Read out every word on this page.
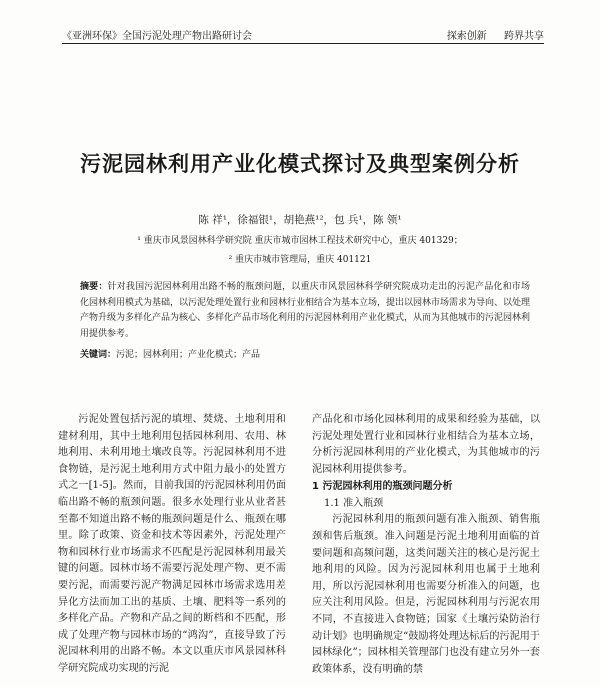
《亚洲环保》全国污泥处理产物出路研讨会	探索创新 跨界共享
污泥园林利用产业化模式探讨及典型案例分析
陈 祥¹，徐福银¹，胡艳燕¹²，包 兵¹，陈 领¹
¹ 重庆市风景园林科学研究院 重庆市城市园林工程技术研究中心，重庆 401329；
² 重庆市城市管理局，重庆 401121
摘要：针对我国污泥园林利用出路不畅的瓶颈问题，以重庆市风景园林科学研究院成功走出的污泥产品化和市场化园林利用模式为基础，以污泥处理处置行业和园林行业相结合为基本立场，提出以园林市场需求为导向、以处理产物升级为多样化产品为核心、多样化产品市场化利用的污泥园林利用产业化模式，从而为其他城市的污泥园林利用提供参考。
关键词：污泥；园林利用；产业化模式；产品

污泥处置包括污泥的填埋、焚烧、土地利用和建材利用，其中土地利用包括园林利用、农用、林地利用、未利用地土壤改良等。污泥园林利用不进食物链，是污泥土地利用方式中阻力最小的处置方式之一[1-5]。然而，目前我国的污泥园林利用仍面临出路不畅的瓶颈问题。很多水处理行业从业者甚至都不知道出路不畅的瓶颈问题是什么、瓶颈在哪里。除了政策、资金和技术等因素外，污泥处理产物和园林行业市场需求不匹配是污泥园林利用最关键的问题。园林市场不需要污泥处理产物、更不需要污泥，而需要污泥产物满足园林市场需求选用差异化方法而加工出的基质、土壤、肥料等一系列的多样化产品。产物和产品之间的断档和不匹配，形成了处理产物与园林市场的“鸿沟”，直接导致了污泥园林利用的出路不畅。本文以重庆市风景园林科学研究院成功实现的污泥

产品化和市场化园林利用的成果和经验为基础，以污泥处理处置行业和园林行业相结合为基本立场，分析污泥园林利用的产业化模式，为其他城市的污泥园林利用提供参考。

1 污泥园林利用的瓶颈问题分析
1.1 准入瓶颈

污泥园林利用的瓶颈问题有准入瓶颈、销售瓶颈和售后瓶颈。准入问题是污泥土地利用面临的首要问题和高频问题，这类问题关注的核心是污泥土地利用的风险。因为污泥园林利用也属于土地利用，所以污泥园林利用也需要分析准入的问题，也应关注利用风险。但是，污泥园林利用与污泥农用不同，不直接进入食物链；国家《土壤污染防治行动计划》也明确规定“鼓励将处理达标后的污泥用于园林绿化”；园林相关管理部门也没有建立另外一套政策体系，没有明确的禁
